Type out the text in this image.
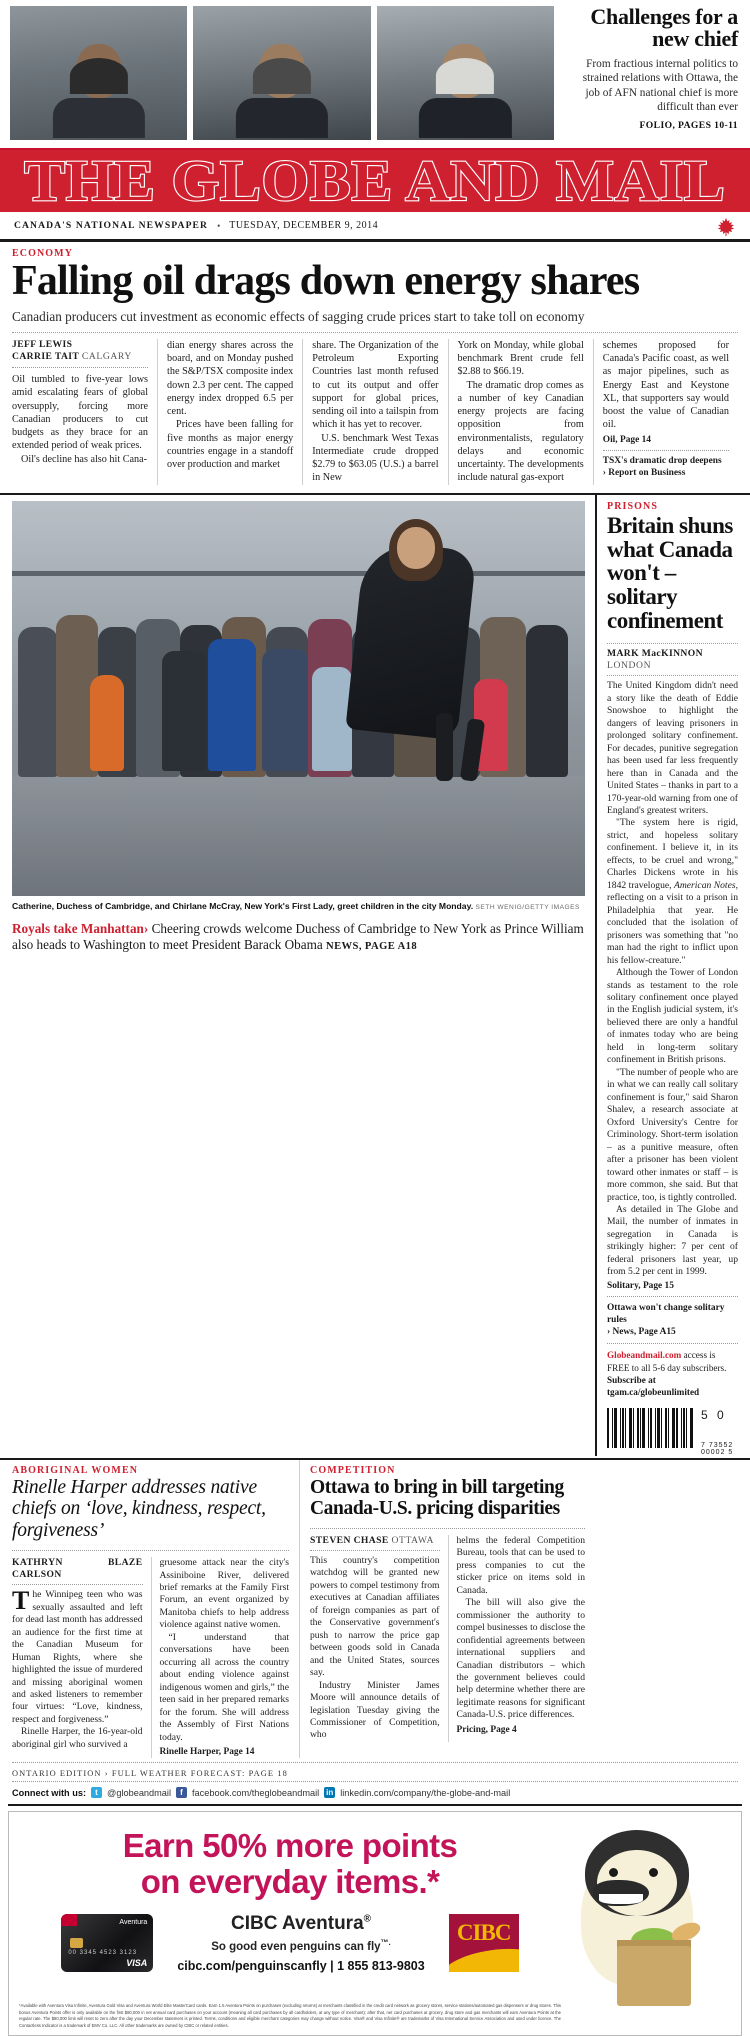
Challenges for a new chief

From fractious internal politics to strained relations with Ottawa, the job of AFN national chief is more difficult than ever

FOLIO, PAGES 10-11
THE GLOBE AND MAIL
CANADA'S NATIONAL NEWSPAPER • TUESDAY, DECEMBER 9, 2014
ECONOMY
Falling oil drags down energy shares
Canadian producers cut investment as economic effects of sagging crude prices start to take toll on economy
JEFF LEWIS
CARRIE TAIT CALGARY

Oil tumbled to five-year lows amid escalating fears of global oversupply, forcing more Canadian producers to cut budgets as they brace for an extended period of weak prices.

Oil's decline has also hit Cana-

dian energy shares across the board, and on Monday pushed the S&P/TSX composite index down 2.3 per cent. The capped energy index dropped 6.5 per cent.

Prices have been falling for five months as major energy countries engage in a standoff over production and market

share. The Organization of the Petroleum Exporting Countries last month refused to cut its output and offer support for global prices, sending oil into a tailspin from which it has yet to recover.

U.S. benchmark West Texas Intermediate crude dropped $2.79 to $63.05 (U.S.) a barrel in New

York on Monday, while global benchmark Brent crude fell $2.88 to $66.19.

The dramatic drop comes as a number of key Canadian energy projects are facing opposition from environmentalists, regulatory delays and economic uncertainty. The developments include natural gas-export

schemes proposed for Canada's Pacific coast, as well as major pipelines, such as Energy East and Keystone XL, that supporters say would boost the value of Canadian oil.

Oil, Page 14
TSX's dramatic drop deepens
› Report on Business
Catherine, Duchess of Cambridge, and Chirlane McCray, New York's First Lady, greet children in the city Monday. SETH WENIG/GETTY IMAGES
Royals take Manhattan› Cheering crowds welcome Duchess of Cambridge to New York as Prince William also heads to Washington to meet President Barack Obama NEWS, PAGE A18
PRISONS
Britain shuns what Canada won't – solitary confinement
MARK MacKINNON LONDON

The United Kingdom didn't need a story like the death of Eddie Snowshoe to highlight the dangers of leaving prisoners in prolonged solitary confinement. For decades, punitive segregation has been used far less frequently here than in Canada and the United States – thanks in part to a 170-year-old warning from one of England's greatest writers.

"The system here is rigid, strict, and hopeless solitary confinement. I believe it, in its effects, to be cruel and wrong," Charles Dickens wrote in his 1842 travelogue, American Notes, reflecting on a visit to a prison in Philadelphia that year. He concluded that the isolation of prisoners was something that "no man had the right to inflict upon his fellow-creature."

Although the Tower of London stands as testament to the role solitary confinement once played in the English judicial system, it's believed there are only a handful of inmates today who are being held in long-term solitary confinement in British prisons.

"The number of people who are in what we can really call solitary confinement is four," said Sharon Shalev, a research associate at Oxford University's Centre for Criminology. Short-term isolation – as a punitive measure, often after a prisoner has been violent toward other inmates or staff – is more common, she said. But that practice, too, is tightly controlled.

As detailed in The Globe and Mail, the number of inmates in segregation in Canada is strikingly higher: 7 per cent of federal prisoners last year, up from 5.2 per cent in 1999.

Solitary, Page 15
Ottawa won't change solitary rules
› News, Page A15
Globeandmail.com access is FREE to all 5-6 day subscribers.
Subscribe at tgam.ca/globeunlimited
5 0
7 73552 00002 5
ABORIGINAL WOMEN
Rinelle Harper addresses native chiefs on ‘love, kindness, respect, forgiveness’
KATHRYN BLAZE CARLSON

The Winnipeg teen who was sexually assaulted and left for dead last month has addressed an audience for the first time at the Canadian Museum for Human Rights, where she highlighted the issue of murdered and missing aboriginal women and asked listeners to remember four virtues: “Love, kindness, respect and forgiveness.”

Rinelle Harper, the 16-year-old aboriginal girl who survived a

gruesome attack near the city's Assiniboine River, delivered brief remarks at the Family First Forum, an event organized by Manitoba chiefs to help address violence against native women.

“I understand that conversations have been occurring all across the country about ending violence against indigenous women and girls,” the teen said in her prepared remarks for the forum. She will address the Assembly of First Nations today.

Rinelle Harper, Page 14
COMPETITION
Ottawa to bring in bill targeting Canada-U.S. pricing disparities
STEVEN CHASE OTTAWA

This country's competition watchdog will be granted new powers to compel testimony from executives at Canadian affiliates of foreign companies as part of the Conservative government's push to narrow the price gap between goods sold in Canada and the United States, sources say.

Industry Minister James Moore will announce details of legislation Tuesday giving the Commissioner of Competition, who

helms the federal Competition Bureau, tools that can be used to press companies to cut the sticker price on items sold in Canada.

The bill will also give the commissioner the authority to compel businesses to disclose the confidential agreements between international suppliers and Canadian distributors – which the government believes could help determine whether there are legitimate reasons for significant Canada-U.S. price differences.

Pricing, Page 4
ONTARIO EDITION › FULL WEATHER FORECAST: PAGE 18
Connect with us:	t @globeandmail	f facebook.com/theglobeandmail in linkedin.com/company/the-globe-and-mail
Earn 50% more points
on everyday items.*
Aventura
00 3345 4523 3123
VISA
CIBC Aventura®
So good even penguins can fly™.
cibc.com/penguinscanfly | 1 855 813-9803
CIBC
*Available with Aventura Visa Infinite, Aventura Gold Visa and Aventura World Elite MasterCard cards. Earn 1.5 Aventura Points on purchases (excluding returns) at merchants classified in the credit card network as grocery stores, service stations/automated gas dispensers or drug stores. This bonus Aventura Points offer is only available on the first $80,000 in net annual card purchases on your account (meaning all card purchases by all cardholders, at any type of merchant); after that, net card purchases at grocery, drug store and gas merchants will earn Aventura Points at the regular rate. The $80,000 limit will reset to zero after the day your December statement is printed. Terms, conditions and eligible merchant categories may change without notice. Visa® and Visa Infinite® are trademarks of Visa International Service Association and used under licence. The Contactless Indicator is a trademark of EMV Co. LLC. All other trademarks are owned by CIBC or related entities.
